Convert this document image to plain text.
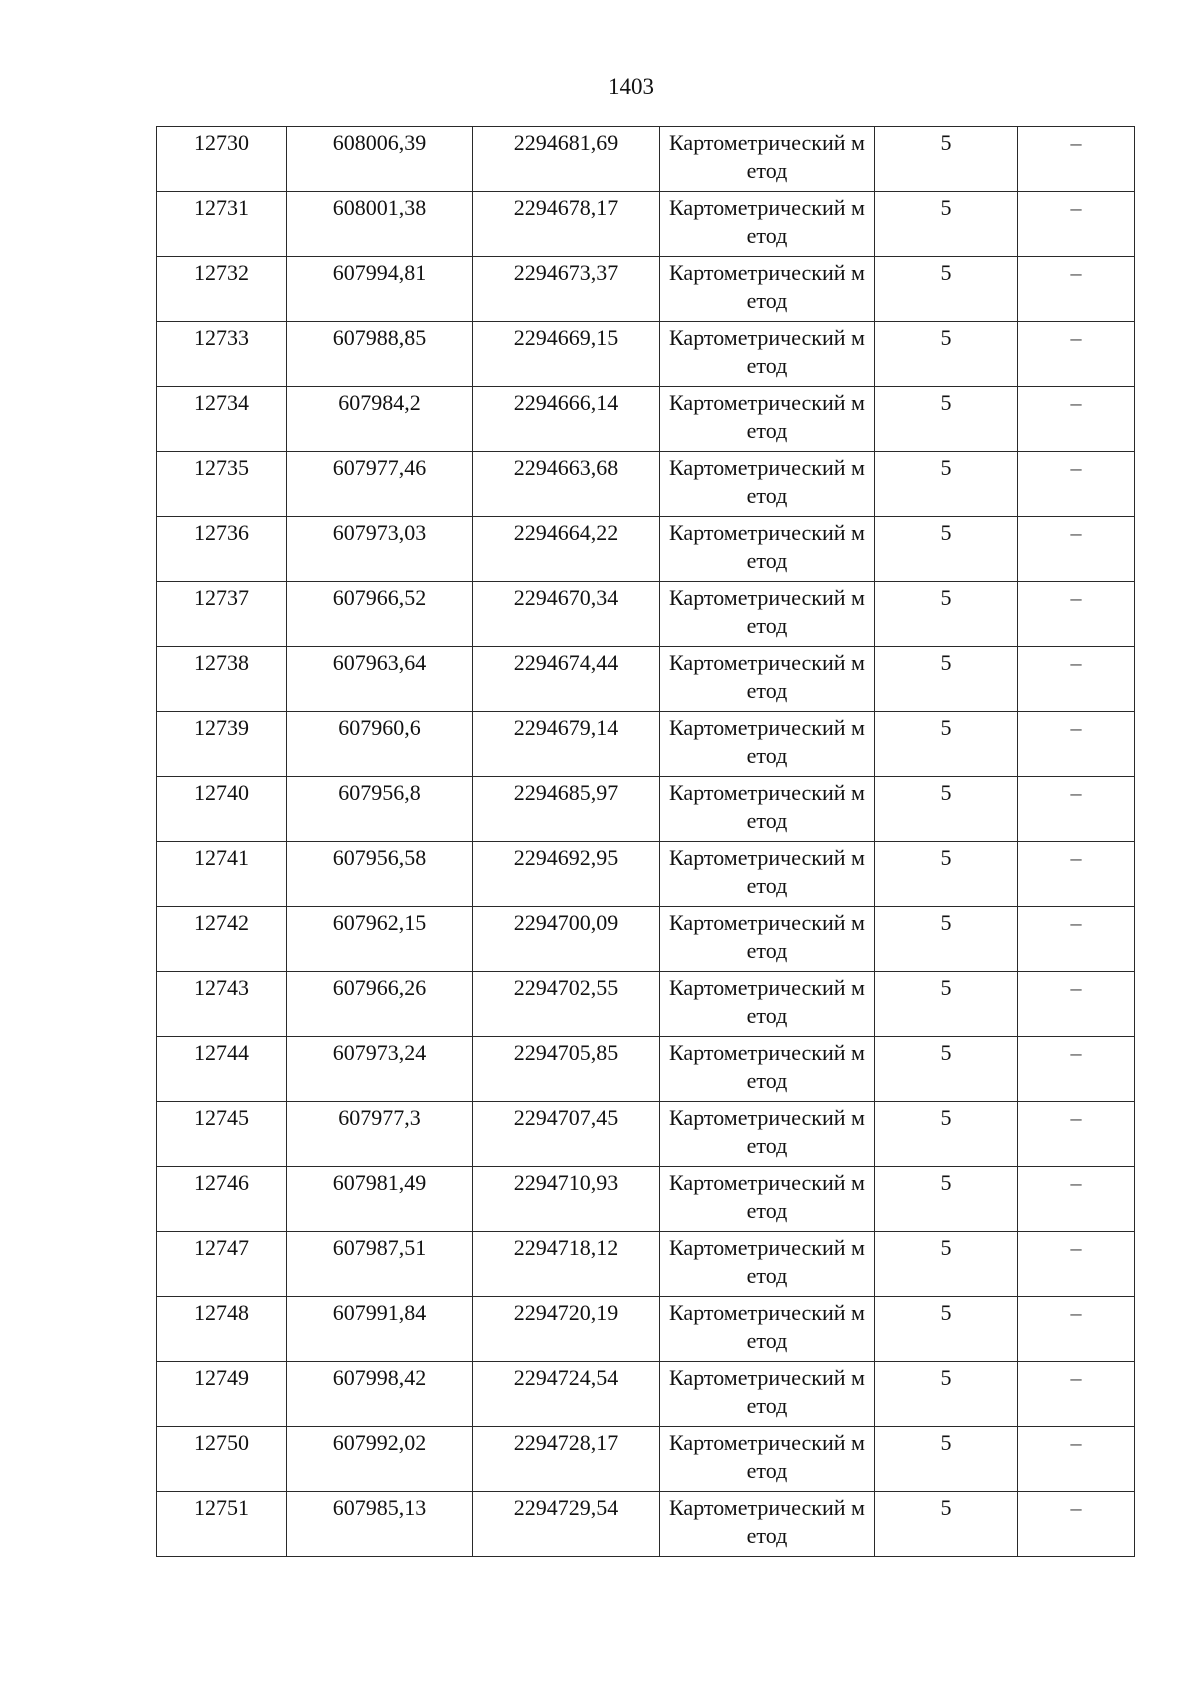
1403
12730	608006,39	2294681,69	Картометрический метод	5	–
12731	608001,38	2294678,17	Картометрический метод	5	–
12732	607994,81	2294673,37	Картометрический метод	5	–
12733	607988,85	2294669,15	Картометрический метод	5	–
12734	607984,2	2294666,14	Картометрический метод	5	–
12735	607977,46	2294663,68	Картометрический метод	5	–
12736	607973,03	2294664,22	Картометрический метод	5	–
12737	607966,52	2294670,34	Картометрический метод	5	–
12738	607963,64	2294674,44	Картометрический метод	5	–
12739	607960,6	2294679,14	Картометрический метод	5	–
12740	607956,8	2294685,97	Картометрический метод	5	–
12741	607956,58	2294692,95	Картометрический метод	5	–
12742	607962,15	2294700,09	Картометрический метод	5	–
12743	607966,26	2294702,55	Картометрический метод	5	–
12744	607973,24	2294705,85	Картометрический метод	5	–
12745	607977,3	2294707,45	Картометрический метод	5	–
12746	607981,49	2294710,93	Картометрический метод	5	–
12747	607987,51	2294718,12	Картометрический метод	5	–
12748	607991,84	2294720,19	Картометрический метод	5	–
12749	607998,42	2294724,54	Картометрический метод	5	–
12750	607992,02	2294728,17	Картометрический метод	5	–
12751	607985,13	2294729,54	Картометрический метод	5	–
